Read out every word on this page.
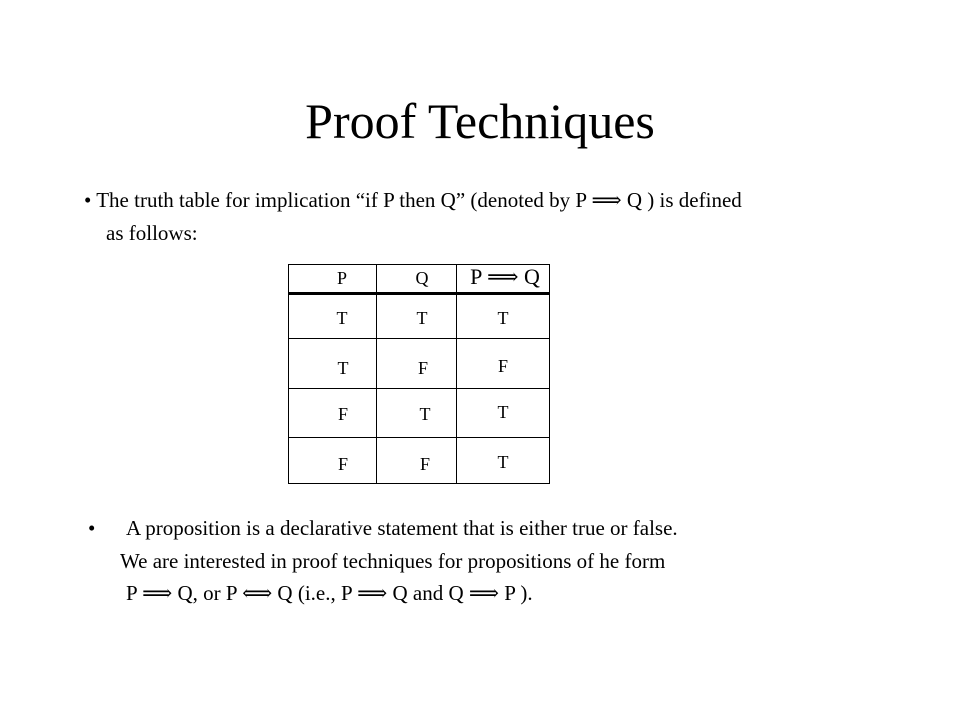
Proof Techniques
• The truth table for implication “if P then Q” (denoted by P ⟹ Q ) is defined
as follows:
P	Q	P ⟹ Q
T	T	T
T	F	F
F	T	T
F	F	T
• A proposition is a declarative statement that is either true or false.
We are interested in proof techniques for propositions of he form
P ⟹ Q, or P ⟺ Q (i.e., P ⟹ Q and Q ⟹ P ).
